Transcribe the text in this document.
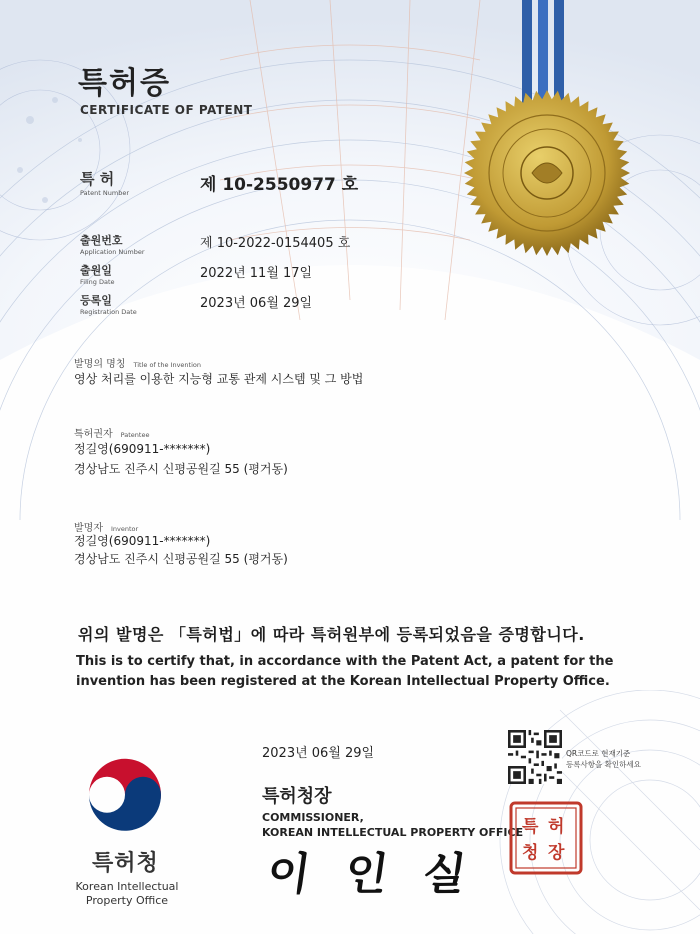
특허증
CERTIFICATE OF PATENT
특 허
Patent Number	제 10-2550977 호
출원번호
Application Number
제 10-2022-0154405 호
출원일
Filing Date
2022년 11월 17일
등록일
Registration Date
2023년 06월 29일
발명의 명칭 Title of the Invention
영상 처리를 이용한 지능형 교통 관제 시스템 및 그 방법
특허권자 Patentee
정길영(690911-*******)
경상남도 진주시 신평공원길 55 (평거동)
발명자 Inventor
정길영(690911-*******)
경상남도 진주시 신평공원길 55 (평거동)
위의 발명은 「특허법」에 따라 특허원부에 등록되었음을 증명합니다.
This is to certify that, in accordance with the Patent Act, a patent for the
invention has been registered at the Korean Intellectual Property Office.
2023년 06월 29일	QR코드로 현재기준
등록사항을 확인하세요
특허청
Korean Intellectual
Property Office
특허청장
COMMISSIONER,
KOREAN INTELLECTUAL PROPERTY OFFICE
이 인 실
특 허
청 장
